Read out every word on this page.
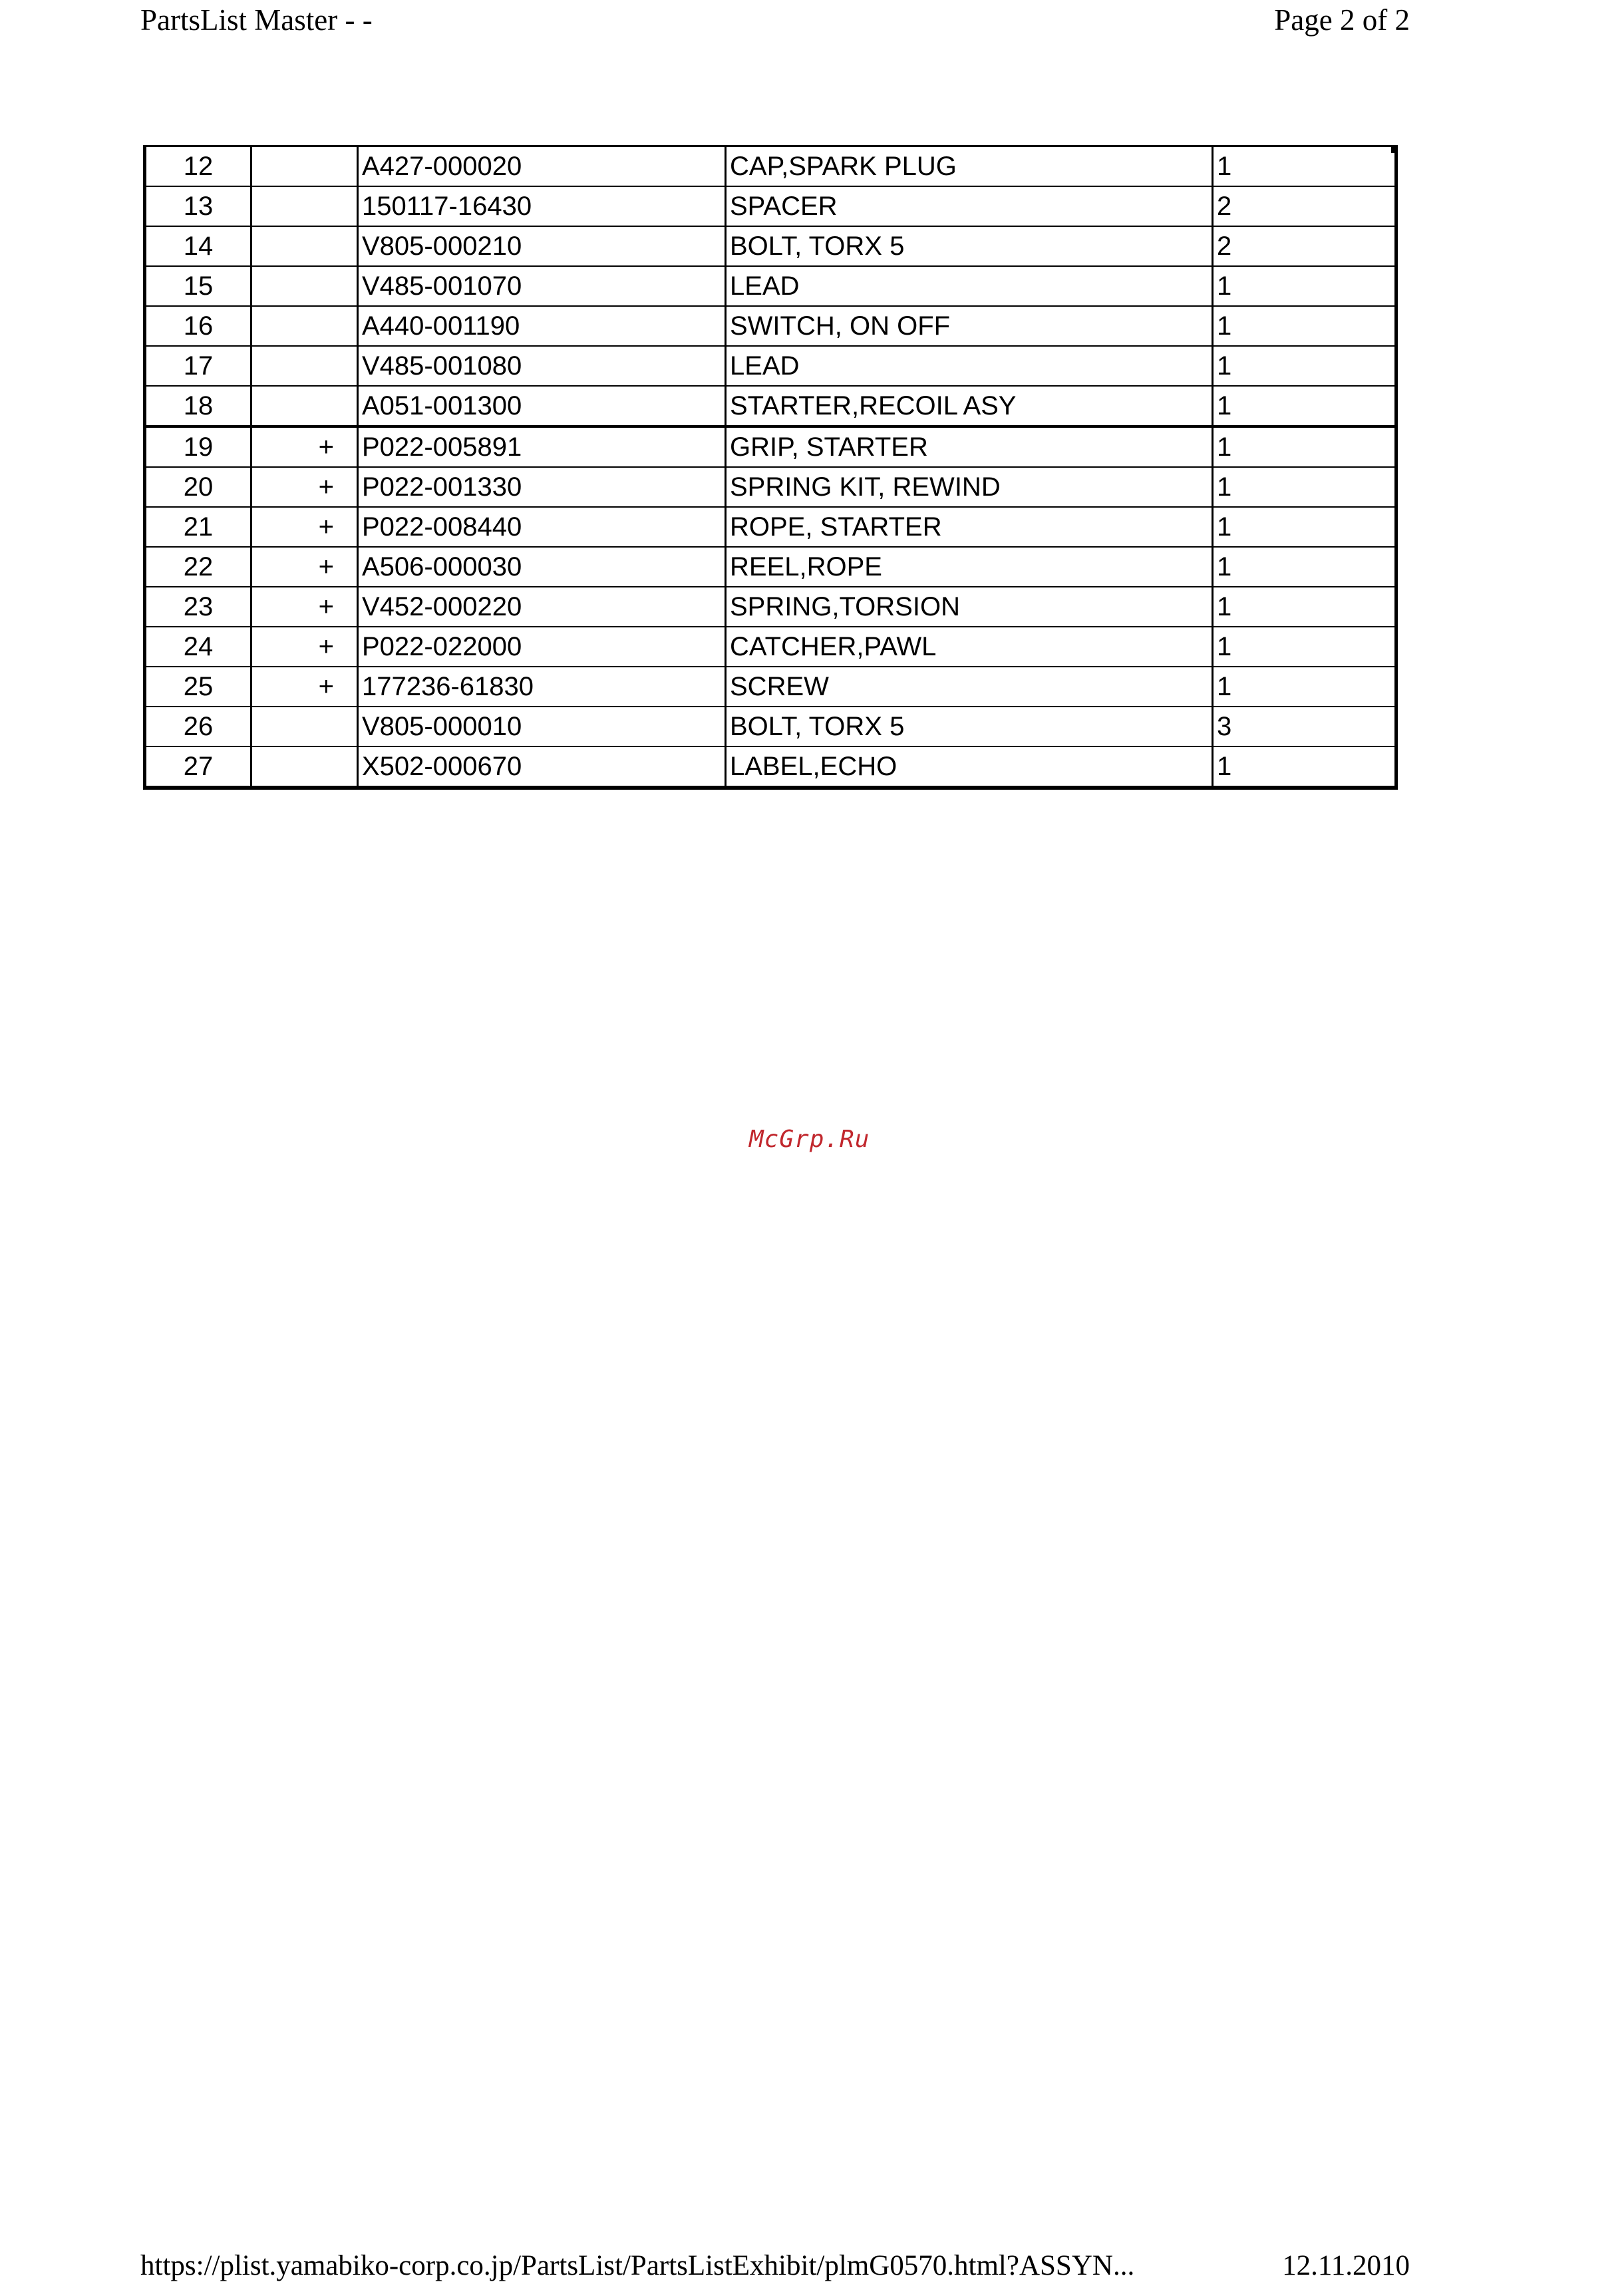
PartsList Master - -	Page 2 of 2
12		A427-000020	CAP,SPARK PLUG	1
13		150117-16430	SPACER	2
14		V805-000210	BOLT, TORX 5	2
15		V485-001070	LEAD	1
16		A440-001190	SWITCH, ON OFF	1
17		V485-001080	LEAD	1
18		A051-001300	STARTER,RECOIL ASY	1
19	+	P022-005891	GRIP, STARTER	1
20	+	P022-001330	SPRING KIT, REWIND	1
21	+	P022-008440	ROPE, STARTER	1
22	+	A506-000030	REEL,ROPE	1
23	+	V452-000220	SPRING,TORSION	1
24	+	P022-022000	CATCHER,PAWL	1
25	+	177236-61830	SCREW	1
26		V805-000010	BOLT, TORX 5	3
27		X502-000670	LABEL,ECHO	1
McGrp.Ru
https://plist.yamabiko-corp.co.jp/PartsList/PartsListExhibit/plmG0570.html?ASSYN...	12.11.2010
